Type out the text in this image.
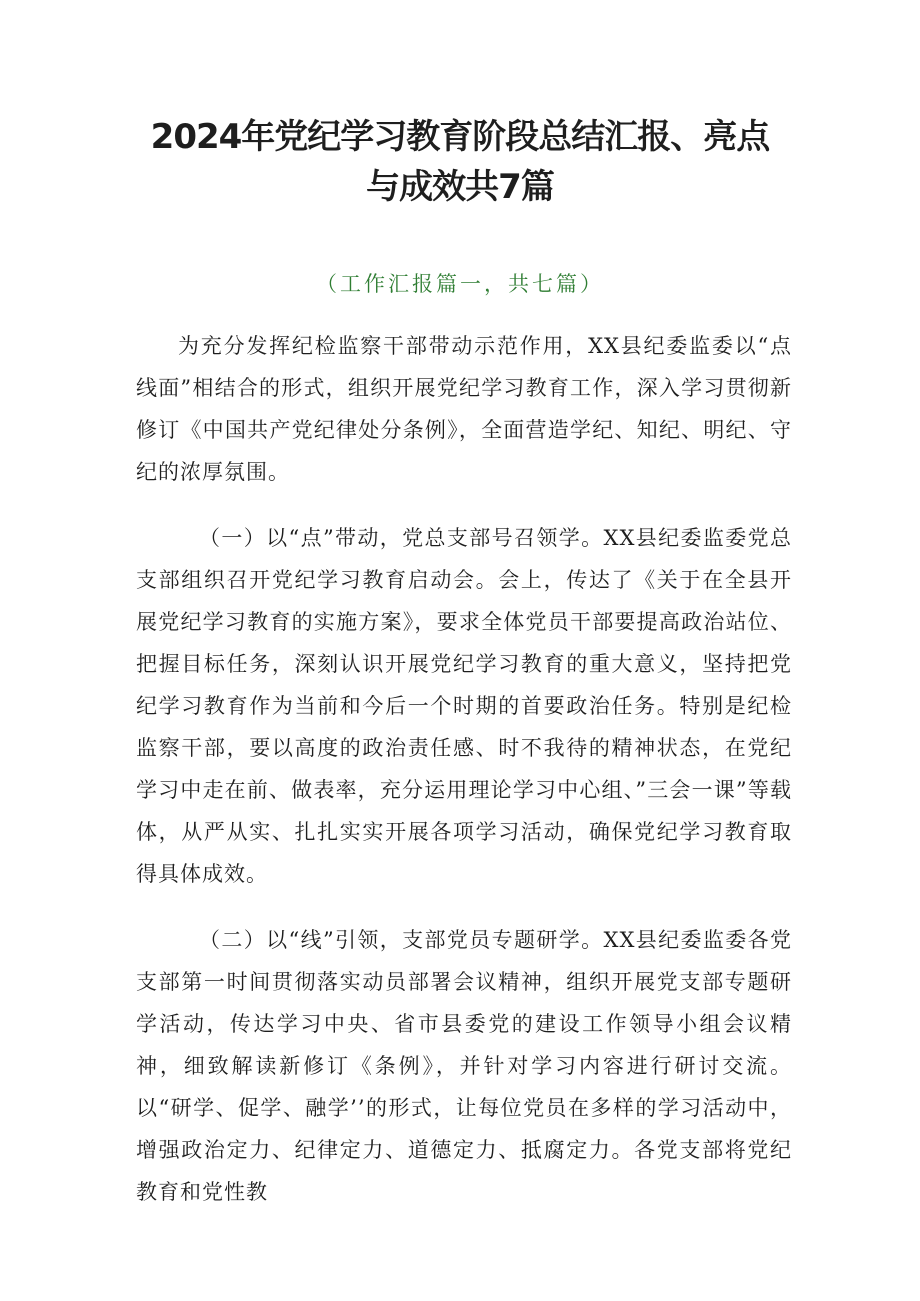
2024年党纪学习教育阶段总结汇报、亮点
与成效共7篇
（工作汇报篇一，共七篇）

为充分发挥纪检监察干部带动示范作用，XX县纪委监委以“点线面”相结合的形式，组织开展党纪学习教育工作，深入学习贯彻新修订《中国共产党纪律处分条例》，全面营造学纪、知纪、明纪、守纪的浓厚氛围。

（一）以“点”带动，党总支部号召领学。XX县纪委监委党总支部组织召开党纪学习教育启动会。会上，传达了《关于在全县开展党纪学习教育的实施方案》，要求全体党员干部要提高政治站位、把握目标任务，深刻认识开展党纪学习教育的重大意义，坚持把党纪学习教育作为当前和今后一个时期的首要政治任务。特别是纪检监察干部，要以高度的政治责任感、时不我待的精神状态，在党纪学习中走在前、做表率，充分运用理论学习中心组、”三会一课”等载体，从严从实、扎扎实实开展各项学习活动，确保党纪学习教育取得具体成效。

（二）以“线”引领，支部党员专题研学。XX县纪委监委各党支部第一时间贯彻落实动员部署会议精神，组织开展党支部专题研学活动，传达学习中央、省市县委党的建设工作领导小组会议精神，细致解读新修订《条例》，并针对学习内容进行研讨交流。以“研学、促学、融学’’的形式，让每位党员在多样的学习活动中，增强政治定力、纪律定力、道德定力、抵腐定力。各党支部将党纪教育和党性教
